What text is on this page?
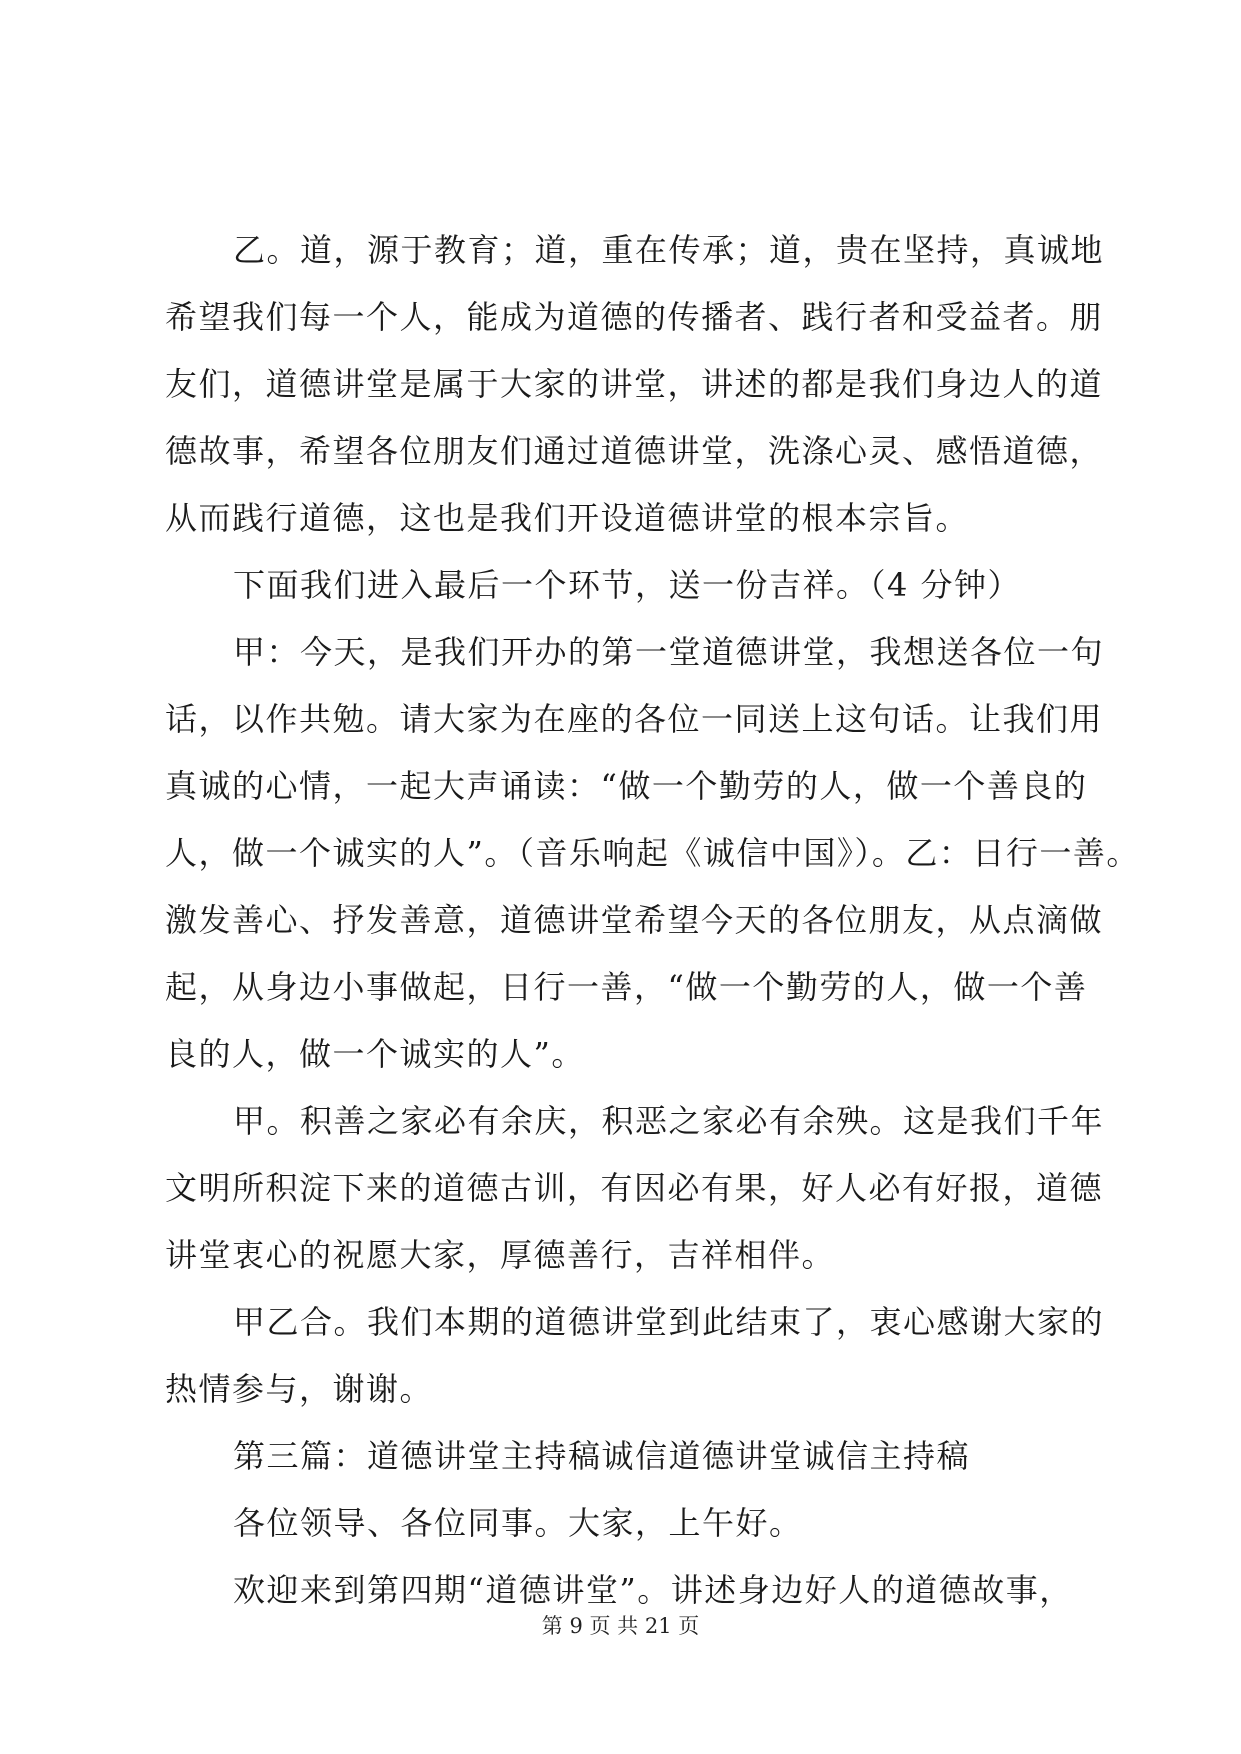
乙。道，源于教育；道，重在传承；道，贵在坚持，真诚地
希望我们每一个人，能成为道德的传播者、践行者和受益者。朋
友们，道德讲堂是属于大家的讲堂，讲述的都是我们身边人的道
德故事，希望各位朋友们通过道德讲堂，洗涤心灵、感悟道德，
从而践行道德，这也是我们开设道德讲堂的根本宗旨。
下面我们进入最后一个环节，送一份吉祥。（4 分钟）
甲：今天，是我们开办的第一堂道德讲堂，我想送各位一句
话，以作共勉。请大家为在座的各位一同送上这句话。让我们用
真诚的心情，一起大声诵读：“做一个勤劳的人，做一个善良的
人，做一个诚实的人”。（音乐响起《诚信中国》）。乙：日行一善。
激发善心、抒发善意，道德讲堂希望今天的各位朋友，从点滴做
起，从身边小事做起，日行一善，“做一个勤劳的人，做一个善
良的人，做一个诚实的人”。
甲。积善之家必有余庆，积恶之家必有余殃。这是我们千年
文明所积淀下来的道德古训，有因必有果，好人必有好报，道德
讲堂衷心的祝愿大家，厚德善行，吉祥相伴。
甲乙合。我们本期的道德讲堂到此结束了，衷心感谢大家的
热情参与，谢谢。
第三篇：道德讲堂主持稿诚信道德讲堂诚信主持稿
各位领导、各位同事。大家，上午好。
欢迎来到第四期“道德讲堂”。讲述身边好人的道德故事，
第 9 页 共 21 页
